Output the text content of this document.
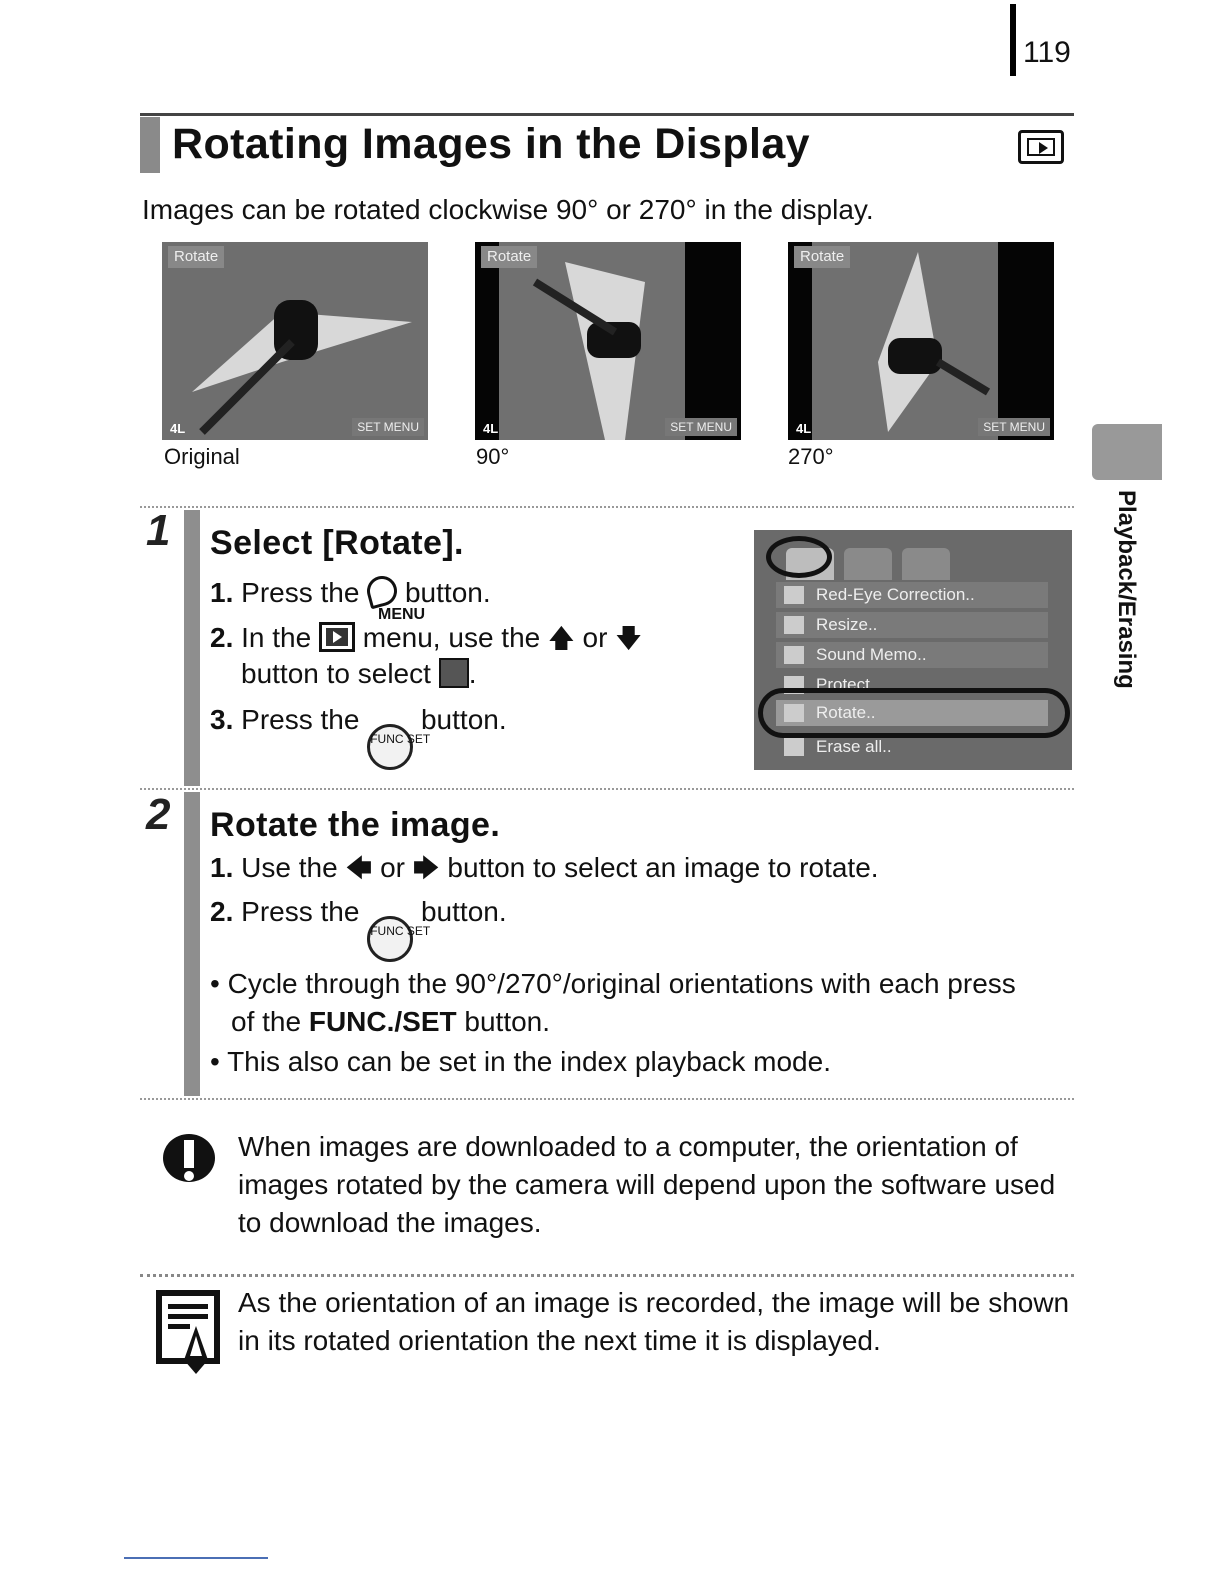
119
Rotating Images in the Display
Images can be rotated clockwise 90° or 270° in the display.
Rotate
4L	SET MENU
Rotate
4L	SET MENU
Rotate
4L	SET MENU
Original	90°	270°
Playback/Erasing
1 Select [Rotate].
1. Press the button.
MENU
2. In the menu, use the 🡅 or 🡇
button to select .
3. Press the FUNC SET button.
Red-Eye Correction..
Resize..
Sound Memo..
Protect
Rotate..
Erase all..
2 Rotate the image.
1. Use the 🡄 or 🡆 button to select an image to rotate.
2. Press the FUNC SET button.
• Cycle through the 90°/270°/original orientations with each press
of the FUNC./SET button.
• This also can be set in the index playback mode.
When images are downloaded to a computer, the orientation of images rotated by the camera will depend upon the software used to download the images.
As the orientation of an image is recorded, the image will be shown in its rotated orientation the next time it is displayed.
